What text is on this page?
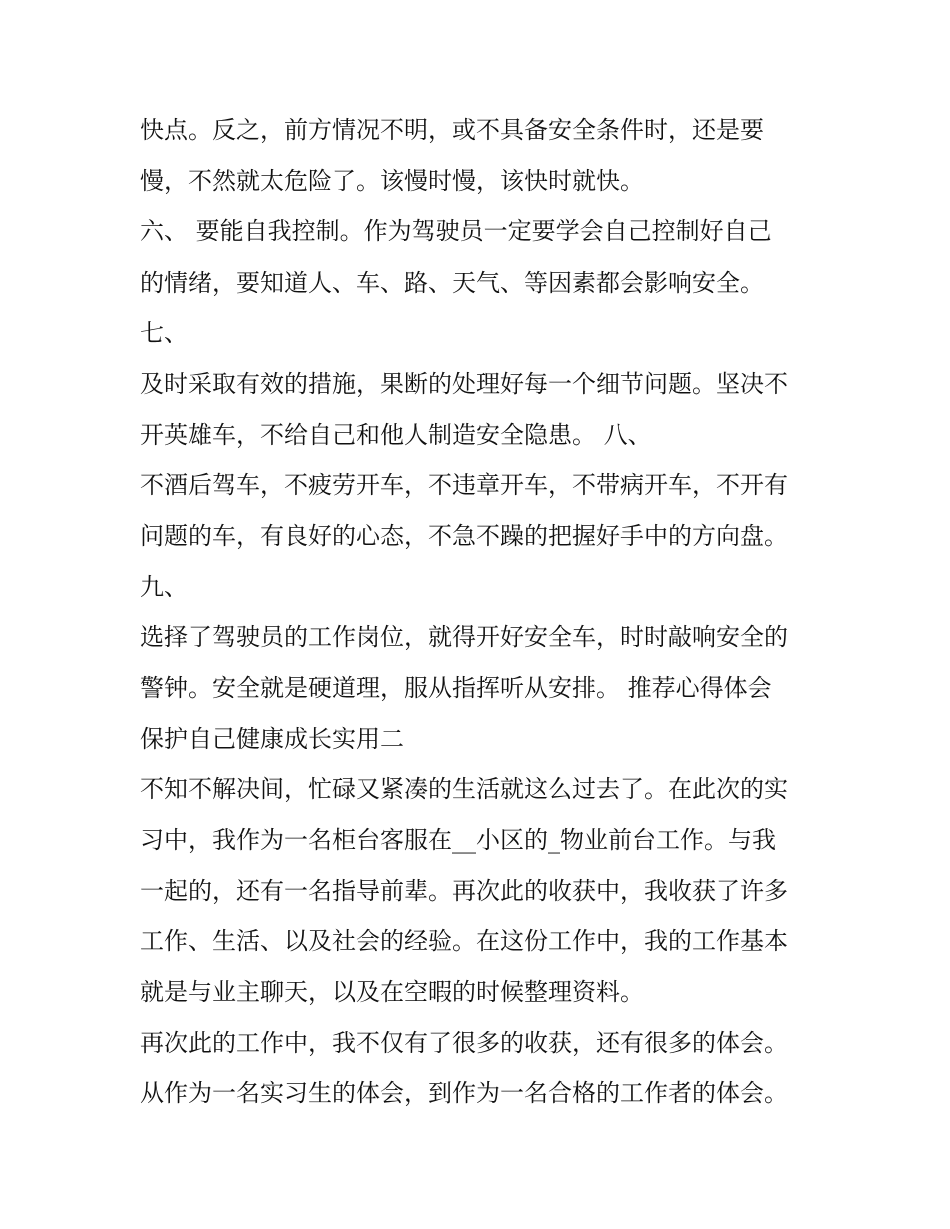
快点。反之，前方情况不明，或不具备安全条件时，还是要

慢，不然就太危险了。该慢时慢，该快时就快。

六、 要能自我控制。作为驾驶员一定要学会自己控制好自己

的情绪，要知道人、车、路、天气、等因素都会影响安全。

七、

及时采取有效的措施，果断的处理好每一个细节问题。坚决不

开英雄车，不给自己和他人制造安全隐患。 八、

不酒后驾车，不疲劳开车，不违章开车，不带病开车，不开有

问题的车，有良好的心态，不急不躁的把握好手中的方向盘。

九、

选择了驾驶员的工作岗位，就得开好安全车，时时敲响安全的

警钟。安全就是硬道理，服从指挥听从安排。 推荐心得体会

保护自己健康成长实用二

不知不解决间，忙碌又紧凑的生活就这么过去了。在此次的实

习中，我作为一名柜台客服在__小区的_物业前台工作。与我

一起的，还有一名指导前辈。再次此的收获中，我收获了许多

工作、生活、以及社会的经验。在这份工作中，我的工作基本

就是与业主聊天，以及在空暇的时候整理资料。

再次此的工作中，我不仅有了很多的收获，还有很多的体会。

从作为一名实习生的体会，到作为一名合格的工作者的体会。
